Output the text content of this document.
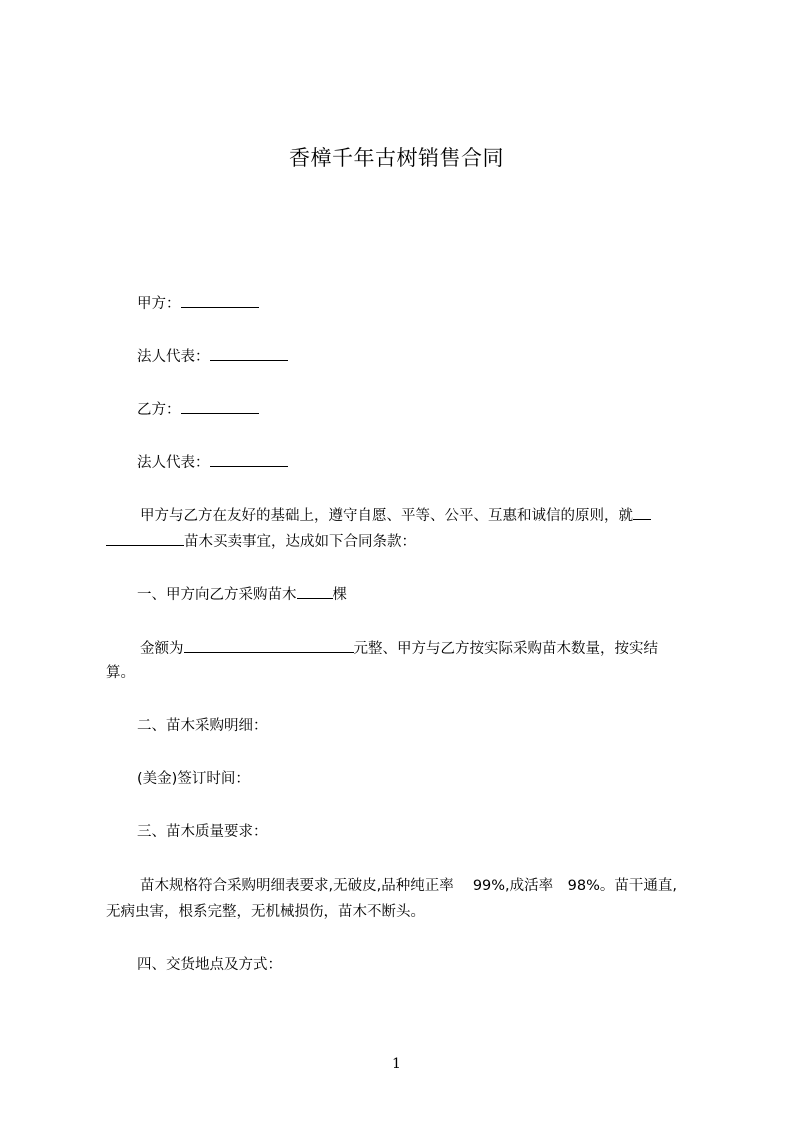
香樟千年古树销售合同
甲方：
法人代表：
乙方：
法人代表：
甲方与乙方在友好的基础上，遵守自愿、平等、公平、互惠和诚信的原则，就
苗木买卖事宜，达成如下合同条款：
一、甲方向乙方采购苗木 棵
金额为	元整、甲方与乙方按实际采购苗木数量，按实结
算。
二、苗木采购明细：
(美金)签订时间：
三、苗木质量要求：
苗木规格符合采购明细表要求,无破皮,品种纯正率　 99%,成活率　98%。苗干通直,
无病虫害，根系完整，无机械损伤，苗木不断头。
四、交货地点及方式：
1
